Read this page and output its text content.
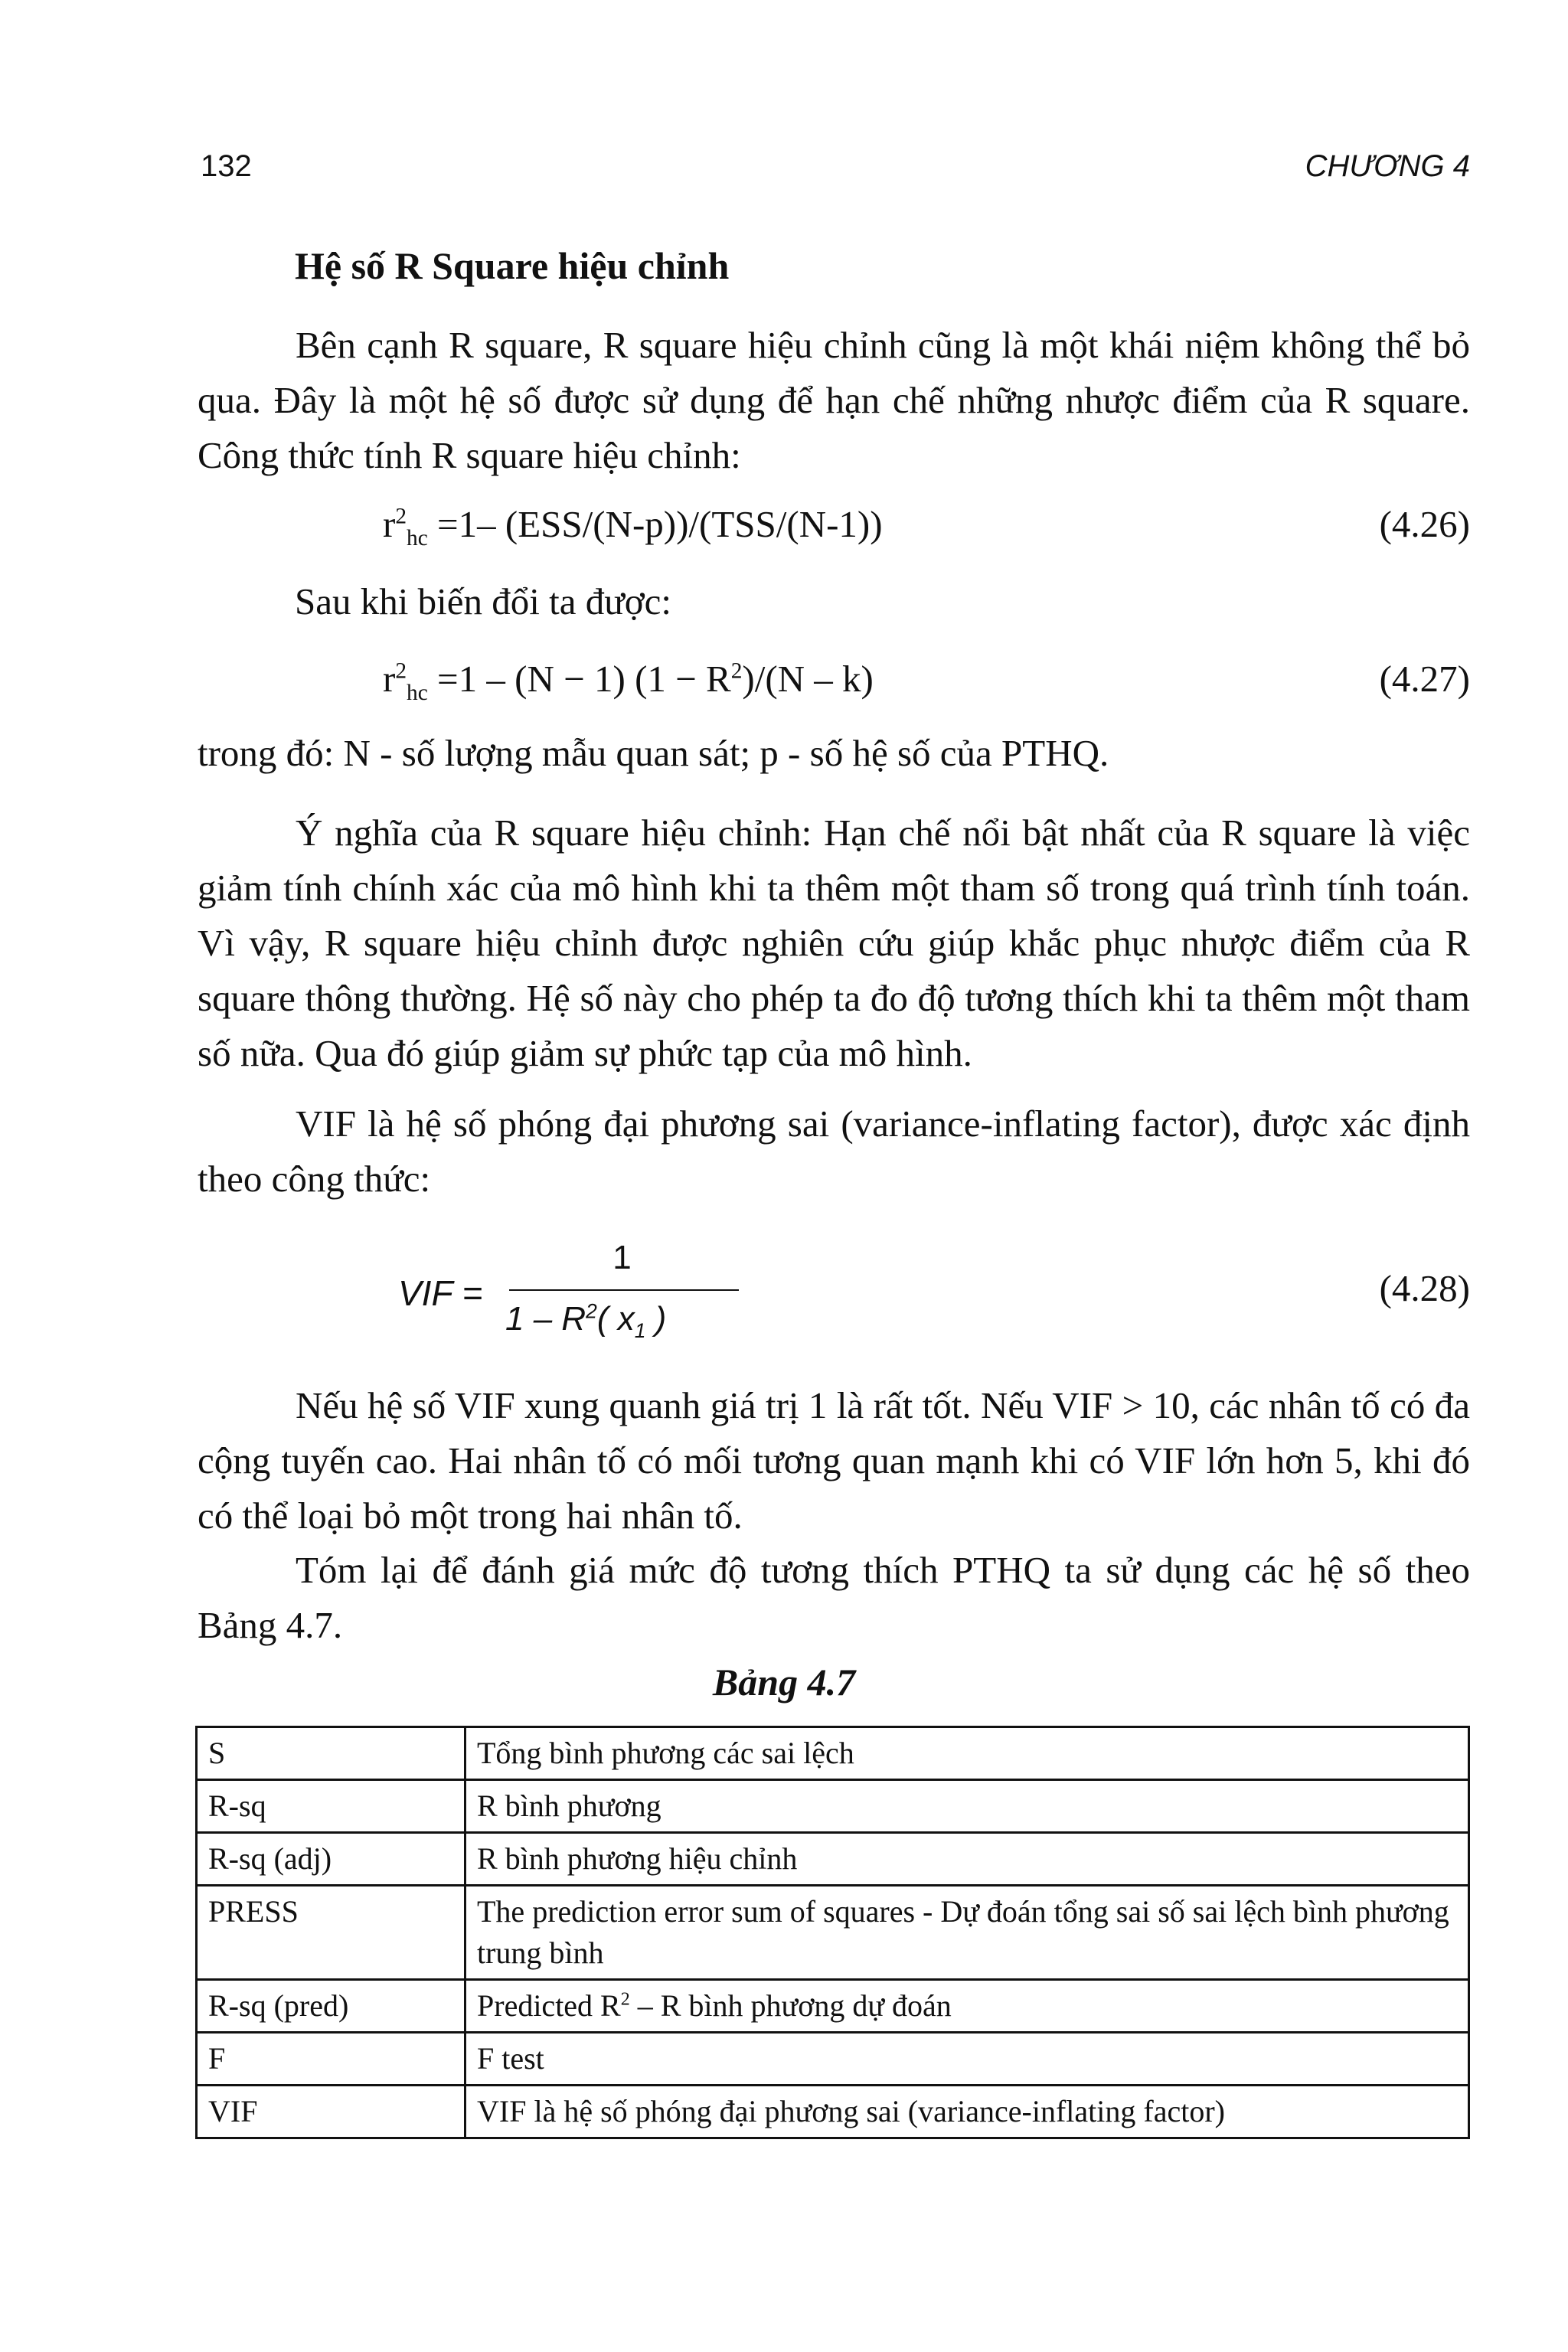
132	CHƯƠNG 4
Hệ số R Square hiệu chỉnh

Bên cạnh R square, R square hiệu chỉnh cũng là một khái niệm không thể bỏ qua. Đây là một hệ số được sử dụng để hạn chế những nhược điểm của R square. Công thức tính R square hiệu chỉnh:

$r^2_{hc} =1-$ (ESS/(N-p))/(TSS/(N-1))	(4.26)
Sau khi biến đổi ta được:
$r^2_{hc} =1 - (N - 1) (1 - R^2)/(N - k)$	(4.27)
trong đó: N - số lượng mẫu quan sát; p - số hệ số của PTHQ.

Ý nghĩa của R square hiệu chỉnh: Hạn chế nổi bật nhất của R square là việc giảm tính chính xác của mô hình khi ta thêm một tham số trong quá trình tính toán. Vì vậy, R square hiệu chỉnh được nghiên cứu giúp khắc phục nhược điểm của R square thông thường. Hệ số này cho phép ta đo độ tương thích khi ta thêm một tham số nữa. Qua đó giúp giảm sự phức tạp của mô hình.

VIF là hệ số phóng đại phương sai (variance-inflating factor), được xác định theo công thức:

VIF =
1
$1 - R^2$( $x_1$ )
(4.28)

Nếu hệ số VIF xung quanh giá trị 1 là rất tốt. Nếu VIF > 10, các nhân tố có đa cộng tuyến cao. Hai nhân tố có mối tương quan mạnh khi có VIF lớn hơn 5, khi đó có thể loại bỏ một trong hai nhân tố.

Tóm lại để đánh giá mức độ tương thích PTHQ ta sử dụng các hệ số theo Bảng 4.7.

Bảng 4.7
S	Tổng bình phương các sai lệch
R-sq	R bình phương
R-sq (adj)	R bình phương hiệu chỉnh
PRESS	The prediction error sum of squares - Dự đoán tổng sai số sai lệch bình phương trung bình
R-sq (pred)	Predicted $R^2$ – R bình phương dự đoán
F	F test
VIF	VIF là hệ số phóng đại phương sai (variance-inflating factor)
